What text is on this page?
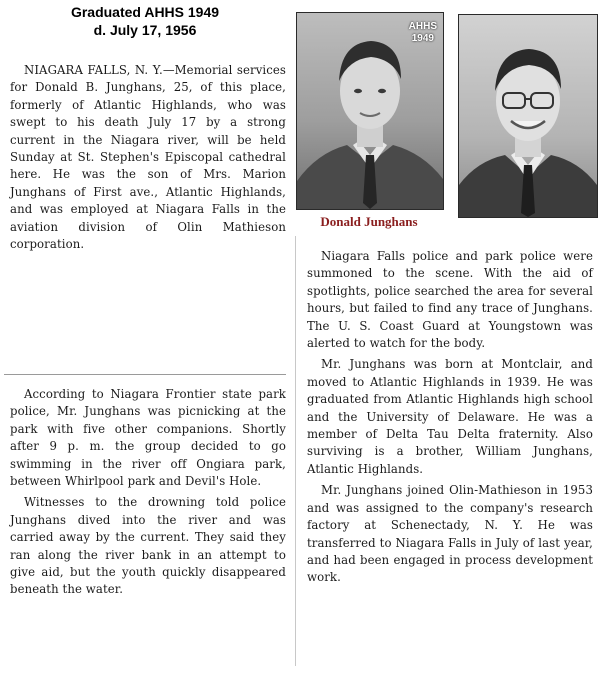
Graduated AHHS 1949
d. July 17, 1956

NIAGARA FALLS, N. Y.—Memorial services for Donald B. Junghans, 25, of this place, formerly of Atlantic Highlands, who was swept to his death July 17 by a strong current in the Niagara river, will be held Sunday at St. Stephen's Episcopal cathedral here. He was the son of Mrs. Marion Junghans of First ave., Atlantic Highlands, and was employed at Niagara Falls in the aviation division of Olin Mathieson corporation.

According to Niagara Frontier state park police, Mr. Junghans was picnicking at the park with five other companions. Shortly after 9 p. m. the group decided to go swimming in the river off Ongiara park, between Whirlpool park and Devil's Hole.

Witnesses to the drowning told police Junghans dived into the river and was carried away by the current. They said they ran along the river bank in an attempt to give aid, but the youth quickly disappeared beneath the water.

AHHS
1949
Donald Junghans

Niagara Falls police and park police were summoned to the scene. With the aid of spotlights, police searched the area for several hours, but failed to find any trace of Junghans. The U. S. Coast Guard at Youngstown was alerted to watch for the body.

Mr. Junghans was born at Montclair, and moved to Atlantic Highlands in 1939. He was graduated from Atlantic Highlands high school and the University of Delaware. He was a member of Delta Tau Delta fraternity. Also surviving is a brother, William Junghans, Atlantic Highlands.

Mr. Junghans joined Olin-Mathieson in 1953 and was assigned to the company's research factory at Schenectady, N. Y. He was transferred to Niagara Falls in July of last year, and had been engaged in process development work.
